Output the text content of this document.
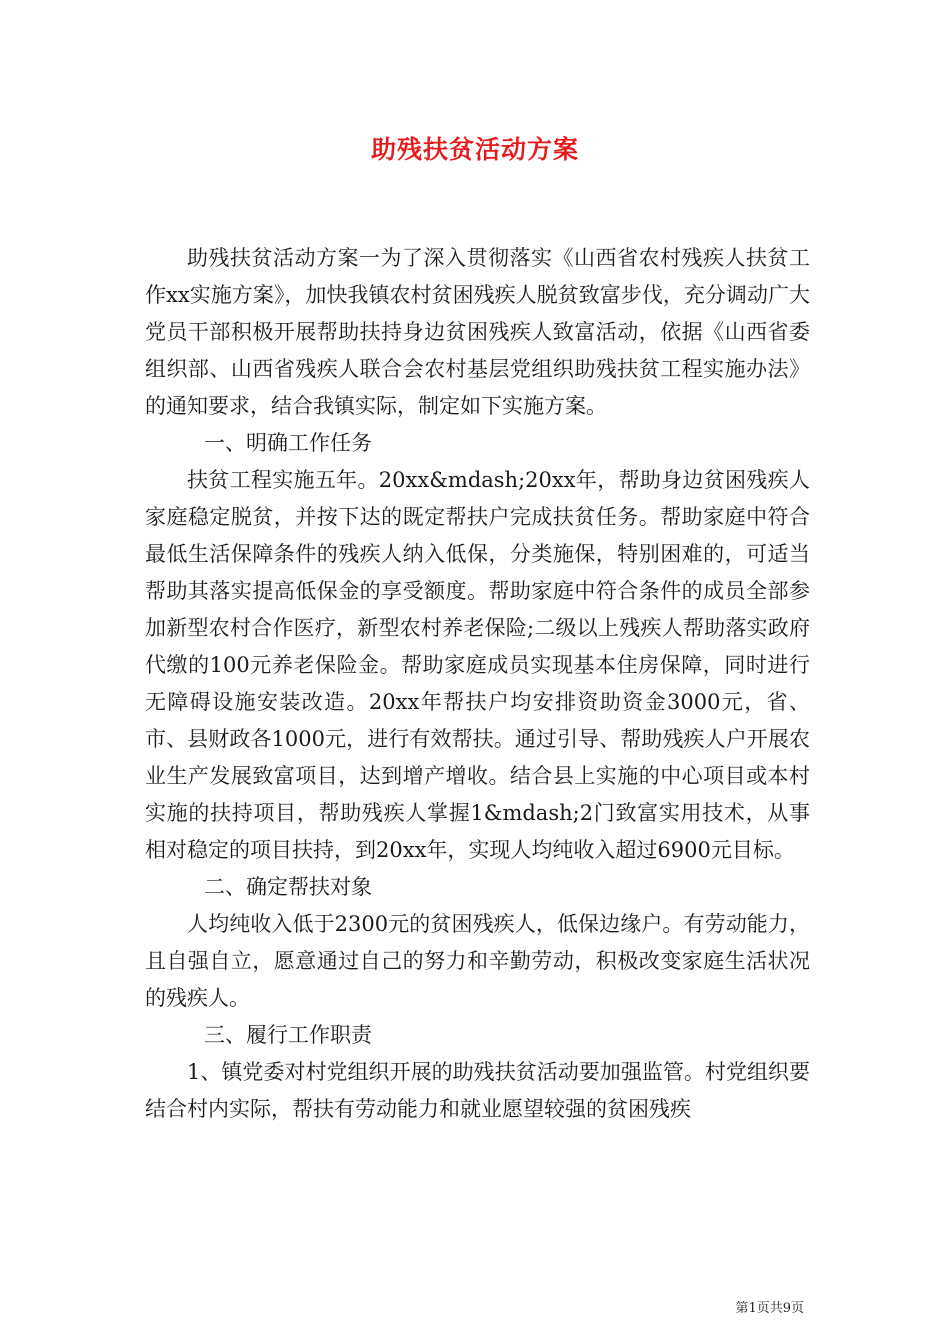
助残扶贫活动方案

助残扶贫活动方案一为了深入贯彻落实《山西省农村残疾人扶贫工作xx实施方案》，加快我镇农村贫困残疾人脱贫致富步伐，充分调动广大党员干部积极开展帮助扶持身边贫困残疾人致富活动，依据《山西省委组织部、山西省残疾人联合会农村基层党组织助残扶贫工程实施办法》的通知要求，结合我镇实际，制定如下实施方案。

一、明确工作任务

扶贫工程实施五年。20xx&mdash;20xx年，帮助身边贫困残疾人家庭稳定脱贫，并按下达的既定帮扶户完成扶贫任务。帮助家庭中符合最低生活保障条件的残疾人纳入低保，分类施保，特别困难的，可适当帮助其落实提高低保金的享受额度。帮助家庭中符合条件的成员全部参加新型农村合作医疗，新型农村养老保险;二级以上残疾人帮助落实政府代缴的100元养老保险金。帮助家庭成员实现基本住房保障，同时进行无障碍设施安装改造。20xx年帮扶户均安排资助资金3000元，省、市、县财政各1000元，进行有效帮扶。通过引导、帮助残疾人户开展农业生产发展致富项目，达到增产增收。结合县上实施的中心项目或本村实施的扶持项目，帮助残疾人掌握1&mdash;2门致富实用技术，从事相对稳定的项目扶持，到20xx年，实现人均纯收入超过6900元目标。

二、确定帮扶对象

人均纯收入低于2300元的贫困残疾人，低保边缘户。有劳动能力，且自强自立，愿意通过自己的努力和辛勤劳动，积极改变家庭生活状况的残疾人。

三、履行工作职责

1、镇党委对村党组织开展的助残扶贫活动要加强监管。村党组织要结合村内实际，帮扶有劳动能力和就业愿望较强的贫困残疾

第1页共9页
